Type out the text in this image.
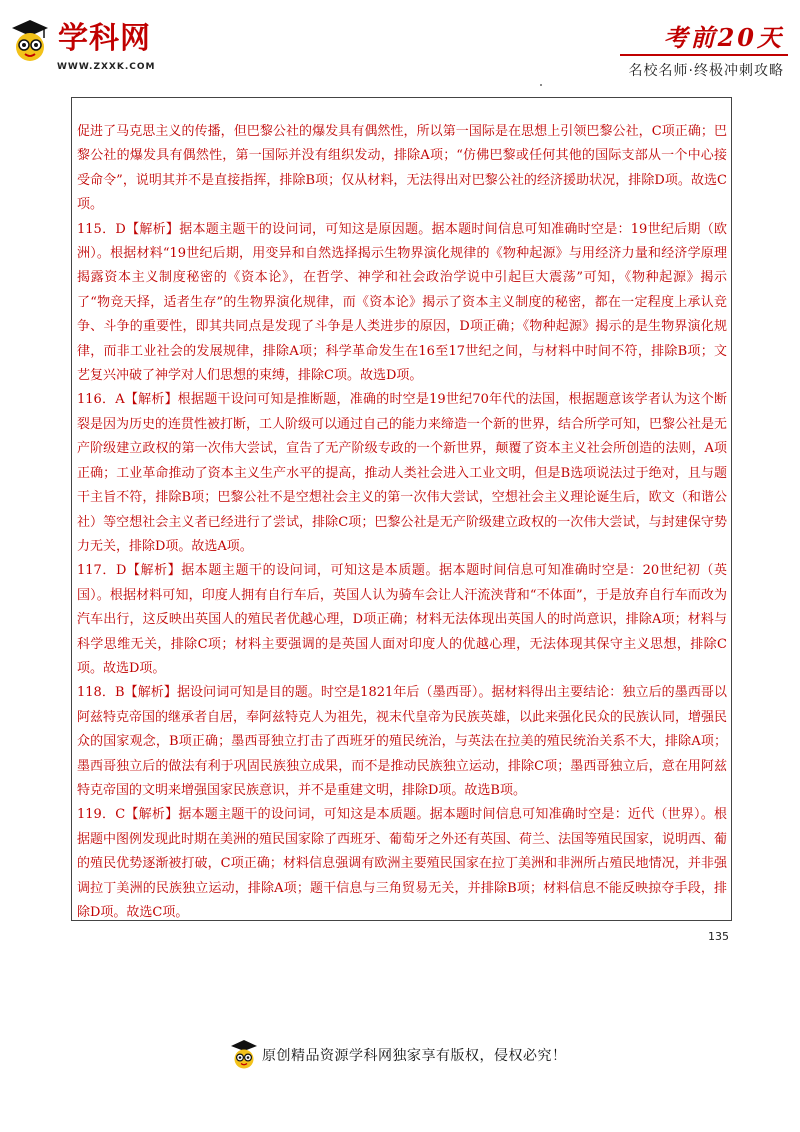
学科网
WWW.ZXXK.COM
考前20天
名校名师·终极冲刺攻略

促进了马克思主义的传播，但巴黎公社的爆发具有偶然性，所以第一国际是在思想上引领巴黎公社，C项正确；巴黎公社的爆发具有偶然性，第一国际并没有组织发动，排除A项；“仿佛巴黎或任何其他的国际支部从一个中心接受命令”，说明其并不是直接指挥，排除B项；仅从材料，无法得出对巴黎公社的经济援助状况，排除D项。故选C项。

115．D【解析】据本题主题干的设问词，可知这是原因题。据本题时间信息可知准确时空是：19世纪后期（欧洲）。根据材料“19世纪后期，用变异和自然选择揭示生物界演化规律的《物种起源》与用经济力量和经济学原理揭露资本主义制度秘密的《资本论》，在哲学、神学和社会政治学说中引起巨大震荡”可知，《物种起源》揭示了“物竞天择，适者生存”的生物界演化规律，而《资本论》揭示了资本主义制度的秘密，都在一定程度上承认竞争、斗争的重要性，即其共同点是发现了斗争是人类进步的原因，D项正确；《物种起源》揭示的是生物界演化规律，而非工业社会的发展规律，排除A项；科学革命发生在16至17世纪之间，与材料中时间不符，排除B项；文艺复兴冲破了神学对人们思想的束缚，排除C项。故选D项。

116．A【解析】根据题干设问可知是推断题，准确的时空是19世纪70年代的法国，根据题意该学者认为这个断裂是因为历史的连贯性被打断，工人阶级可以通过自己的能力来缔造一个新的世界，结合所学可知，巴黎公社是无产阶级建立政权的第一次伟大尝试，宣告了无产阶级专政的一个新世界，颠覆了资本主义社会所创造的法则，A项正确；工业革命推动了资本主义生产水平的提高，推动人类社会进入工业文明，但是B选项说法过于绝对，且与题干主旨不符，排除B项；巴黎公社不是空想社会主义的第一次伟大尝试，空想社会主义理论诞生后，欧文（和谐公社）等空想社会主义者已经进行了尝试，排除C项；巴黎公社是无产阶级建立政权的一次伟大尝试，与封建保守势力无关，排除D项。故选A项。

117．D【解析】据本题主题干的设问词，可知这是本质题。据本题时间信息可知准确时空是：20世纪初（英国）。根据材料可知，印度人拥有自行车后，英国人认为骑车会让人汗流浃背和“不体面”，于是放弃自行车而改为汽车出行，这反映出英国人的殖民者优越心理，D项正确；材料无法体现出英国人的时尚意识，排除A项；材料与科学思维无关，排除C项；材料主要强调的是英国人面对印度人的优越心理，无法体现其保守主义思想，排除C项。故选D项。

118．B【解析】据设问词可知是目的题。时空是1821年后（墨西哥）。据材料得出主要结论：独立后的墨西哥以阿兹特克帝国的继承者自居，奉阿兹特克人为祖先，视末代皇帝为民族英雄，以此来强化民众的民族认同，增强民众的国家观念，B项正确；墨西哥独立打击了西班牙的殖民统治，与英法在拉美的殖民统治关系不大，排除A项；墨西哥独立后的做法有利于巩固民族独立成果，而不是推动民族独立运动，排除C项；墨西哥独立后，意在用阿兹特克帝国的文明来增强国家民族意识，并不是重建文明，排除D项。故选B项。

119．C【解析】据本题主题干的设问词，可知这是本质题。据本题时间信息可知准确时空是：近代（世界）。根据题中图例发现此时期在美洲的殖民国家除了西班牙、葡萄牙之外还有英国、荷兰、法国等殖民国家，说明西、葡的殖民优势逐渐被打破，C项正确；材料信息强调有欧洲主要殖民国家在拉丁美洲和非洲所占殖民地情况，并非强调拉丁美洲的民族独立运动，排除A项；题干信息与三角贸易无关，并排除B项；材料信息不能反映掠夺手段，排除D项。故选C项。

135
原创精品资源学科网独家享有版权，侵权必究！
